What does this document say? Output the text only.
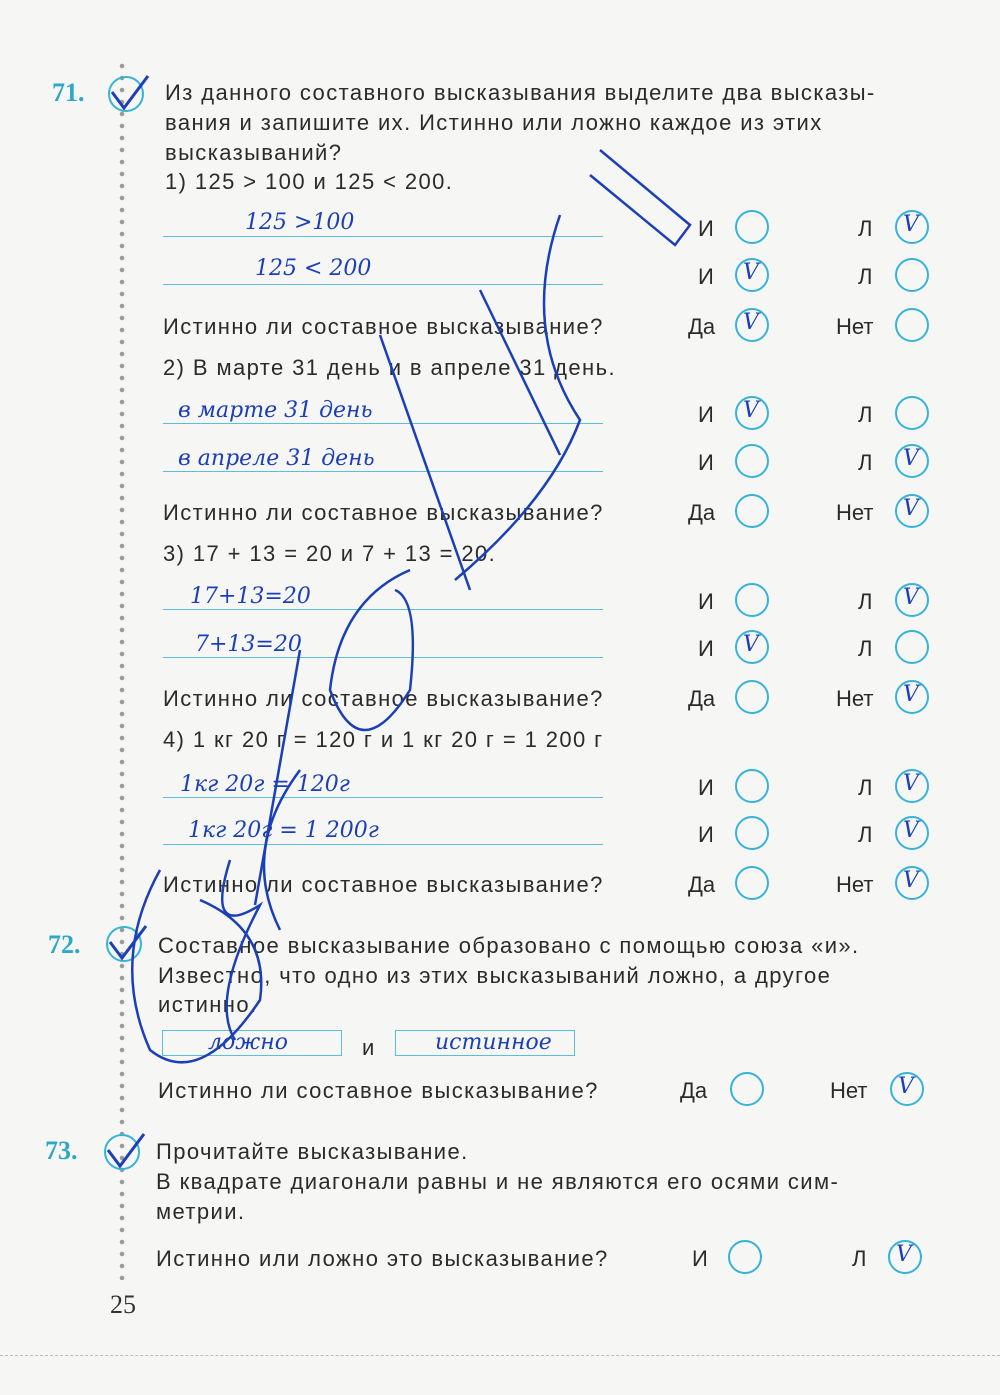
71.	Из данного составного высказывания выделите два высказы-
вания и запишите их. Истинно или ложно каждое из этих
высказываний?
1) 125 > 100 и 125 < 200.
125 >100
125 < 200
И	Л V
И V	Л
Истинно ли составное высказывание?	Да V	Нет
2) В марте 31 день и в апреле 31 день.
в марте 31 день
в апреле 31 день
И V	Л
И	Л V
Истинно ли составное высказывание?	Да	Нет V
3) 17 + 13 = 20 и 7 + 13 = 20.
17+13=20
7+13=20
И	Л V
И V	Л
Истинно ли составное высказывание?	Да	Нет V
4) 1 кг 20 г = 120 г и 1 кг 20 г = 1 200 г
1кг 20г = 120г
1кг 20г = 1 200г
И	Л V
И	Л V
Истинно ли составное высказывание?	Да	Нет V
72.	Составное высказывание образовано с помощью союза «и».
Известно, что одно из этих высказываний ложно, а другое
истинно.
ложно	и	истинное
Истинно ли составное высказывание?	Да	Нет V
73.	Прочитайте высказывание.
В квадрате диагонали равны и не являются его осями сим-
метрии.
Истинно или ложно это высказывание?	И	Л V
25
